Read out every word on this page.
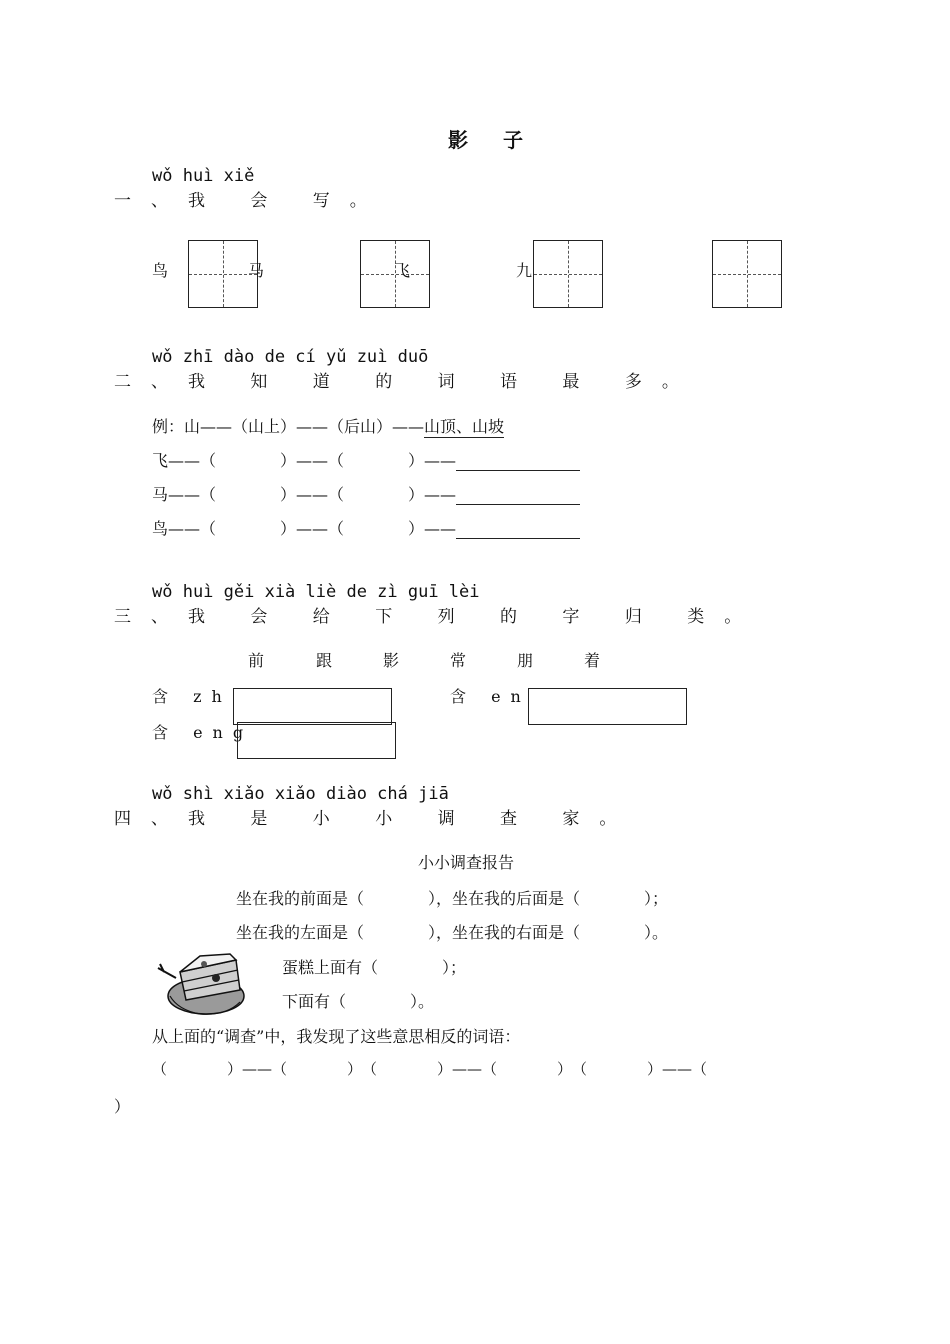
影 子
wǒ huì xiě
一、我 会 写。
鸟	马	飞	九
wǒ zhī dào de cí yǔ zuì duō
二、我 知 道 的 词 语 最 多。
例：山——（山上）——（后山）——山顶、山坡
飞——（　　　　）——（　　　　）——
马——（　　　　）——（　　　　）——
鸟——（　　　　）——（　　　　）——
wǒ huì gěi xià liè de zì guī lèi
三、我 会 给 下 列 的 字 归 类。
前	跟	影	常	朋	着
含 zh	含 en
含 eng
wǒ shì xiǎo xiǎo diào chá jiā
四、我 是 小 小 调 查 家。
小小调查报告
坐在我的前面是（　　　　），坐在我的后面是（　　　　）；
坐在我的左面是（　　　　），坐在我的右面是（　　　　）。
蛋糕上面有（　　　　）；
下面有（　　　　）。
从上面的“调查”中，我发现了这些意思相反的词语：
（　　　　）——（　　　　）　（　　　　）——（　　　　）　（　　　　）——（
）
